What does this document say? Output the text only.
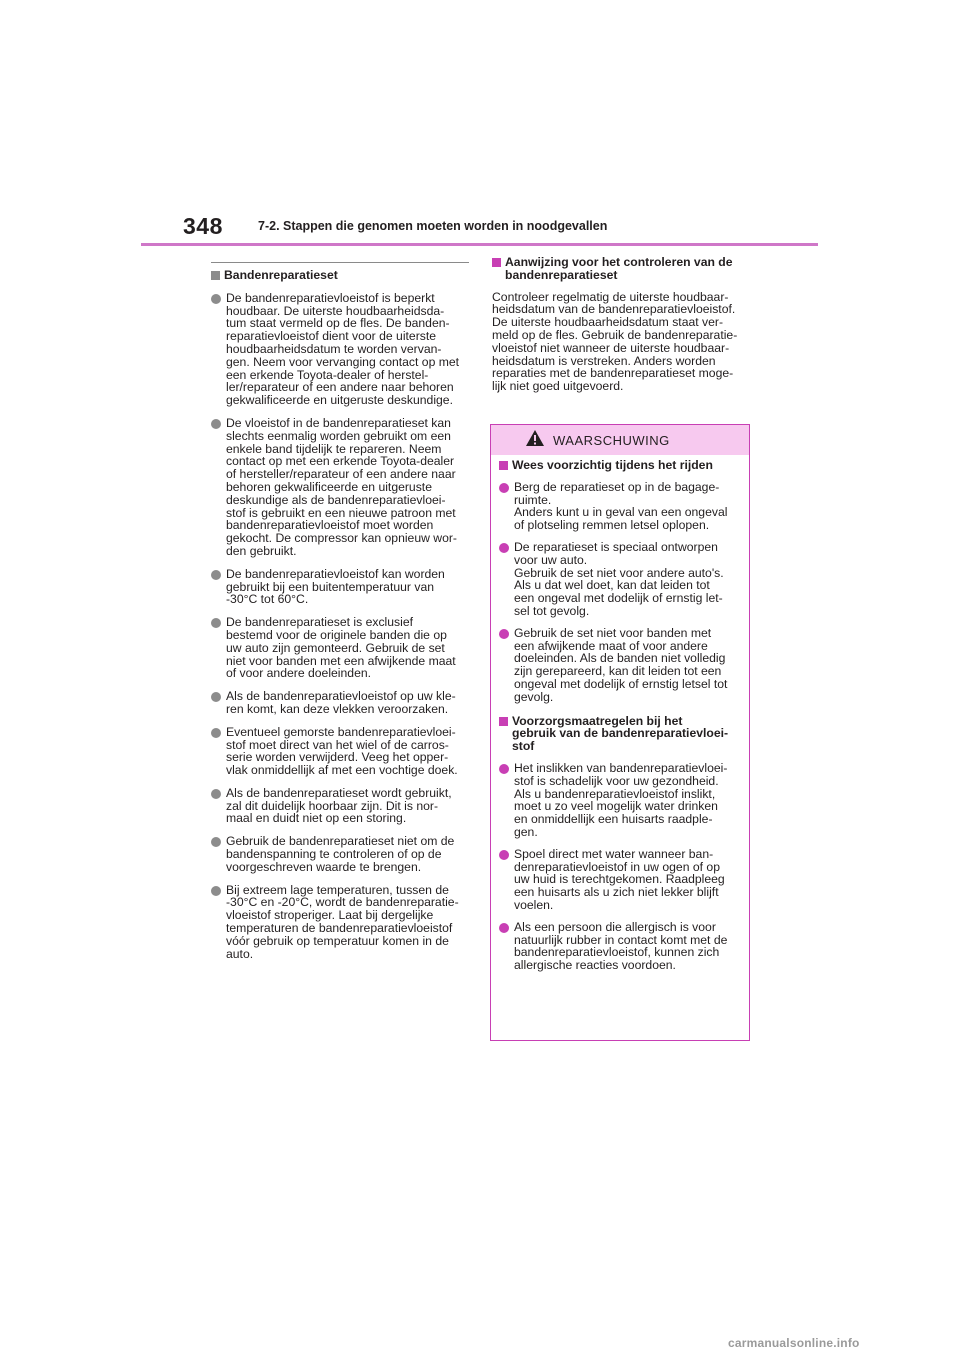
348	7-2. Stappen die genomen moeten worden in noodgevallen
Bandenreparatieset
De bandenreparatievloeistof is beperkt
houdbaar. De uiterste houdbaarheidsda-
tum staat vermeld op de fles. De banden-
reparatievloeistof dient voor de uiterste
houdbaarheidsdatum te worden vervan-
gen. Neem voor vervanging contact op met
een erkende Toyota-dealer of herstel-
ler/reparateur of een andere naar behoren
gekwalificeerde en uitgeruste deskundige.
De vloeistof in de bandenreparatieset kan
slechts eenmalig worden gebruikt om een
enkele band tijdelijk te repareren. Neem
contact op met een erkende Toyota-dealer
of hersteller/reparateur of een andere naar
behoren gekwalificeerde en uitgeruste
deskundige als de bandenreparatievloei-
stof is gebruikt en een nieuwe patroon met
bandenreparatievloeistof moet worden
gekocht. De compressor kan opnieuw wor-
den gebruikt.
De bandenreparatievloeistof kan worden
gebruikt bij een buitentemperatuur van
-30°C tot 60°C.
De bandenreparatieset is exclusief
bestemd voor de originele banden die op
uw auto zijn gemonteerd. Gebruik de set
niet voor banden met een afwijkende maat
of voor andere doeleinden.
Als de bandenreparatievloeistof op uw kle-
ren komt, kan deze vlekken veroorzaken.
Eventueel gemorste bandenreparatievloei-
stof moet direct van het wiel of de carros-
serie worden verwijderd. Veeg het opper-
vlak onmiddellijk af met een vochtige doek.
Als de bandenreparatieset wordt gebruikt,
zal dit duidelijk hoorbaar zijn. Dit is nor-
maal en duidt niet op een storing.
Gebruik de bandenreparatieset niet om de
bandenspanning te controleren of op de
voorgeschreven waarde te brengen.
Bij extreem lage temperaturen, tussen de
-30°C en -20°C, wordt de bandenreparatie-
vloeistof stroperiger. Laat bij dergelijke
temperaturen de bandenreparatievloeistof
vóór gebruik op temperatuur komen in de
auto.
Aanwijzing voor het controleren van de
bandenreparatieset
Controleer regelmatig de uiterste houdbaar-
heidsdatum van de bandenreparatievloeistof.
De uiterste houdbaarheidsdatum staat ver-
meld op de fles. Gebruik de bandenreparatie-
vloeistof niet wanneer de uiterste houdbaar-
heidsdatum is verstreken. Anders worden
reparaties met de bandenreparatieset moge-
lijk niet goed uitgevoerd.
WAARSCHUWING
Wees voorzichtig tijdens het rijden
Berg de reparatieset op in de bagage-
ruimte.
Anders kunt u in geval van een ongeval
of plotseling remmen letsel oplopen.
De reparatieset is speciaal ontworpen
voor uw auto.
Gebruik de set niet voor andere auto's.
Als u dat wel doet, kan dat leiden tot
een ongeval met dodelijk of ernstig let-
sel tot gevolg.
Gebruik de set niet voor banden met
een afwijkende maat of voor andere
doeleinden. Als de banden niet volledig
zijn gerepareerd, kan dit leiden tot een
ongeval met dodelijk of ernstig letsel tot
gevolg.
Voorzorgsmaatregelen bij het
gebruik van de bandenreparatievloei-
stof
Het inslikken van bandenreparatievloei-
stof is schadelijk voor uw gezondheid.
Als u bandenreparatievloeistof inslikt,
moet u zo veel mogelijk water drinken
en onmiddellijk een huisarts raadple-
gen.
Spoel direct met water wanneer ban-
denreparatievloeistof in uw ogen of op
uw huid is terechtgekomen. Raadpleeg
een huisarts als u zich niet lekker blijft
voelen.
Als een persoon die allergisch is voor
natuurlijk rubber in contact komt met de
bandenreparatievloeistof, kunnen zich
allergische reacties voordoen.
carmanualsonline.info
